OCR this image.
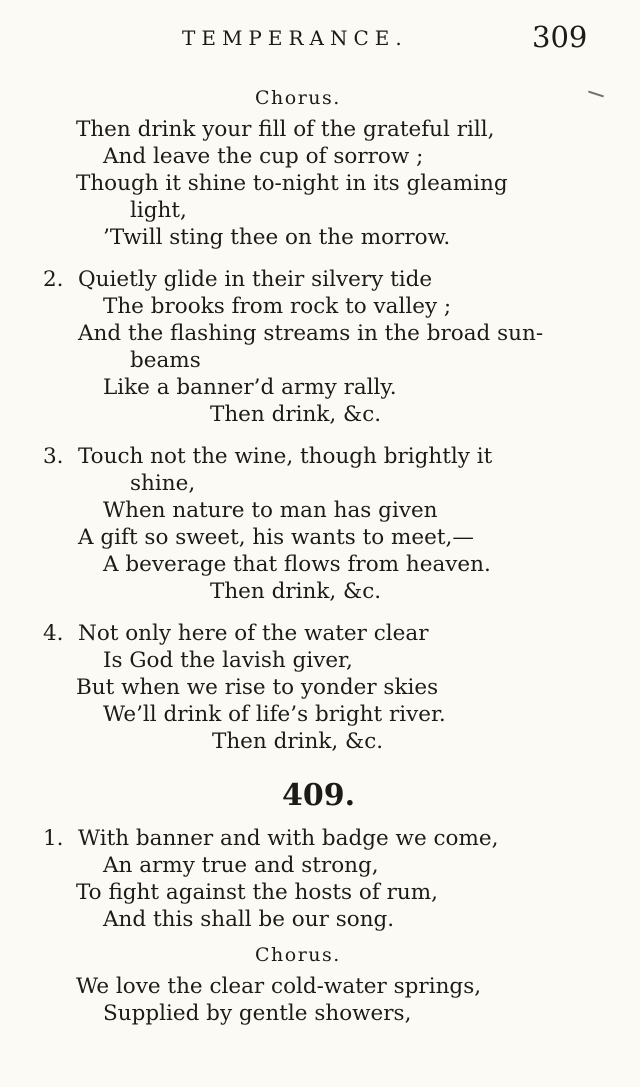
TEMPERANCE.	309
Chorus.
Then drink your fill of the grateful rill,
And leave the cup of sorrow ;
Though it shine to-night in its gleaming
light,
’Twill sting thee on the morrow.
2. Quietly glide in their silvery tide
The brooks from rock to valley ;
And the flashing streams in the broad sun-
beams
Like a banner’d army rally.
Then drink, &c.
3. Touch not the wine, though brightly it
shine,
When nature to man has given
A gift so sweet, his wants to meet,—
A beverage that flows from heaven.
Then drink, &c.
4. Not only here of the water clear
Is God the lavish giver,
But when we rise to yonder skies
We’ll drink of life’s bright river.
Then drink, &c.
409.
1. With banner and with badge we come,
An army true and strong,
To fight against the hosts of rum,
And this shall be our song.
Chorus.
We love the clear cold-water springs,
Supplied by gentle showers,
